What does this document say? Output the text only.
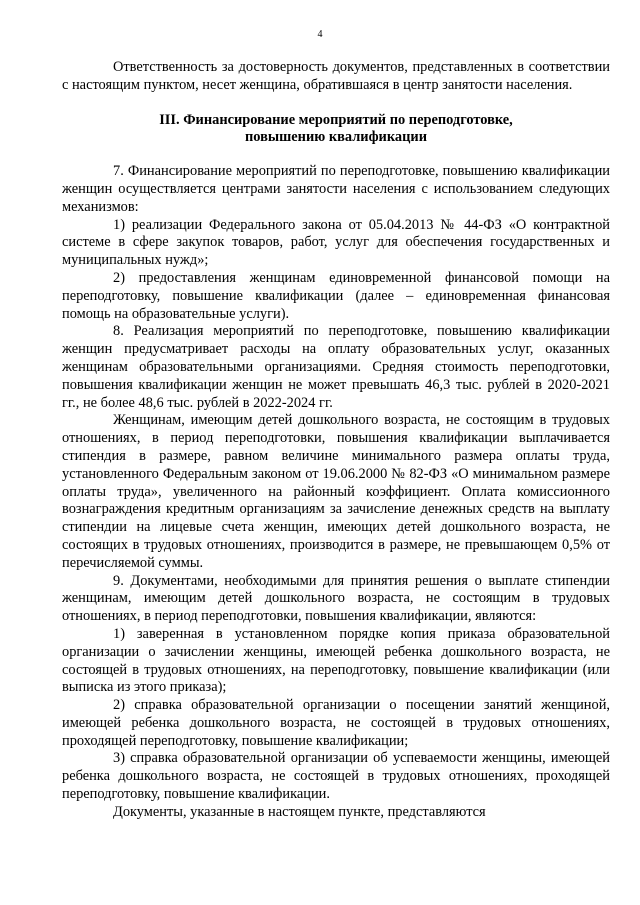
4

Ответственность за достоверность документов, представленных в соответствии с настоящим пунктом, несет женщина, обратившаяся в центр занятости населения.

III. Финансирование мероприятий по переподготовке,
повышению квалификации

7. Финансирование мероприятий по переподготовке, повышению квалификации женщин осуществляется центрами занятости населения с использованием следующих механизмов:

1) реализации Федерального закона от 05.04.2013 № 44-ФЗ «О контрактной системе в сфере закупок товаров, работ, услуг для обеспечения государственных и муниципальных нужд»;

2) предоставления женщинам единовременной финансовой помощи на переподготовку, повышение квалификации (далее – единовременная финансовая помощь на образовательные услуги).

8. Реализация мероприятий по переподготовке, повышению квалификации женщин предусматривает расходы на оплату образовательных услуг, оказанных женщинам образовательными организациями. Средняя стоимость переподготовки, повышения квалификации женщин не может превышать 46,3 тыс. рублей в 2020-2021 гг., не более 48,6 тыс. рублей в 2022-2024 гг.

Женщинам, имеющим детей дошкольного возраста, не состоящим в трудовых отношениях, в период переподготовки, повышения квалификации выплачивается стипендия в размере, равном величине минимального размера оплаты труда, установленного Федеральным законом от 19.06.2000 № 82-ФЗ «О минимальном размере оплаты труда», увеличенного на районный коэффициент. Оплата комиссионного вознаграждения кредитным организациям за зачисление денежных средств на выплату стипендии на лицевые счета женщин, имеющих детей дошкольного возраста, не состоящих в трудовых отношениях, производится в размере, не превышающем 0,5% от перечисляемой суммы.

9. Документами, необходимыми для принятия решения о выплате стипендии женщинам, имеющим детей дошкольного возраста, не состоящим в трудовых отношениях, в период переподготовки, повышения квалификации, являются:

1) заверенная в установленном порядке копия приказа образовательной организации о зачислении женщины, имеющей ребенка дошкольного возраста, не состоящей в трудовых отношениях, на переподготовку, повышение квалификации (или выписка из этого приказа);

2) справка образовательной организации о посещении занятий женщиной, имеющей ребенка дошкольного возраста, не состоящей в трудовых отношениях, проходящей переподготовку, повышение квалификации;

3) справка образовательной организации об успеваемости женщины, имеющей ребенка дошкольного возраста, не состоящей в трудовых отношениях, проходящей переподготовку, повышение квалификации.

Документы, указанные в настоящем пункте, представляются
